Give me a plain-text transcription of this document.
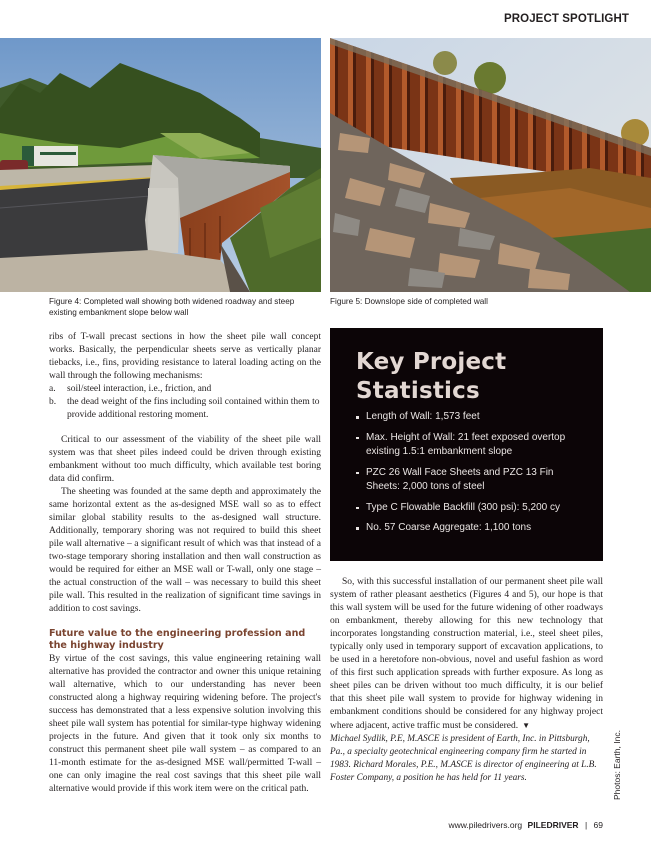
PROJECT SPOTLIGHT
Figure 4: Completed wall showing both widened roadway and steep existing embankment slope below wall
Figure 5: Downslope side of completed wall

ribs of T-wall precast sections in how the sheet pile wall concept works. Basically, the perpendicular sheets serve as vertically planar tiebacks, i.e., fins, providing resistance to lateral loading acting on the wall through the following mechanisms:

a. soil/steel interaction, i.e., friction, and
b. the dead weight of the fins including soil contained within them to provide additional restoring moment.

Critical to our assessment of the viability of the sheet pile wall system was that sheet piles indeed could be driven through existing embankment without too much difficulty, which available test boring data did confirm.

The sheeting was founded at the same depth and approximately the same horizontal extent as the as-designed MSE wall so as to effect similar global stability results to the as-designed wall structure. Additionally, temporary shoring was not required to build this sheet pile wall alternative – a significant result of which was that instead of a two-stage temporary shoring installation and then wall construction as would be required for either an MSE wall or T-wall, only one stage – the actual construction of the wall – was necessary to build this sheet pile wall. This resulted in the realization of significant time savings in addition to cost savings.

Future value to the engineering profession and the highway industry

By virtue of the cost savings, this value engineering retaining wall alternative has provided the contractor and owner this unique retaining wall alternative, which to our understanding has never been constructed along a highway requiring widening before. The project's success has demonstrated that a less expensive solution involving this sheet pile wall system has potential for similar-type highway widening projects in the future. And given that it took only six months to construct this permanent sheet pile wall system – as compared to an 11-month estimate for the as-designed MSE wall/permitted T-wall – one can only imagine the real cost savings that this sheet pile wall alternative would provide if this work item were on the critical path.

Key Project Statistics
Length of Wall: 1,573 feet
Max. Height of Wall: 21 feet exposed overtop existing 1.5:1 embankment slope
PZC 26 Wall Face Sheets and PZC 13 Fin Sheets: 2,000 tons of steel
Type C Flowable Backfill (300 psi): 5,200 cy
No. 57 Coarse Aggregate: 1,100 tons

So, with this successful installation of our permanent sheet pile wall system of rather pleasant aesthetics (Figures 4 and 5), our hope is that this wall system will be used for the future widening of other roadways on embankment, thereby allowing for this new technology that incorporates longstanding construction material, i.e., steel sheet piles, typically only used in temporary support of excavation applications, to be used in a heretofore non-obvious, novel and useful fashion as word of this first such application spreads with further exposure. As long as sheet piles can be driven without too much difficulty, it is our belief that this sheet pile wall system to provide for highway widening in embankment conditions should be considered for any highway project where adjacent, active traffic must be considered. ▼

Michael Sydlik, P.E, M.ASCE is president of Earth, Inc. in Pittsburgh, Pa., a specialty geotechnical engineering company firm he started in 1983. Richard Morales, P.E., M.ASCE is director of engineering at L.B. Foster Company, a position he has held for 11 years.	Photos: Earth, Inc.
www.piledrivers.org PILEDRIVER | 69
